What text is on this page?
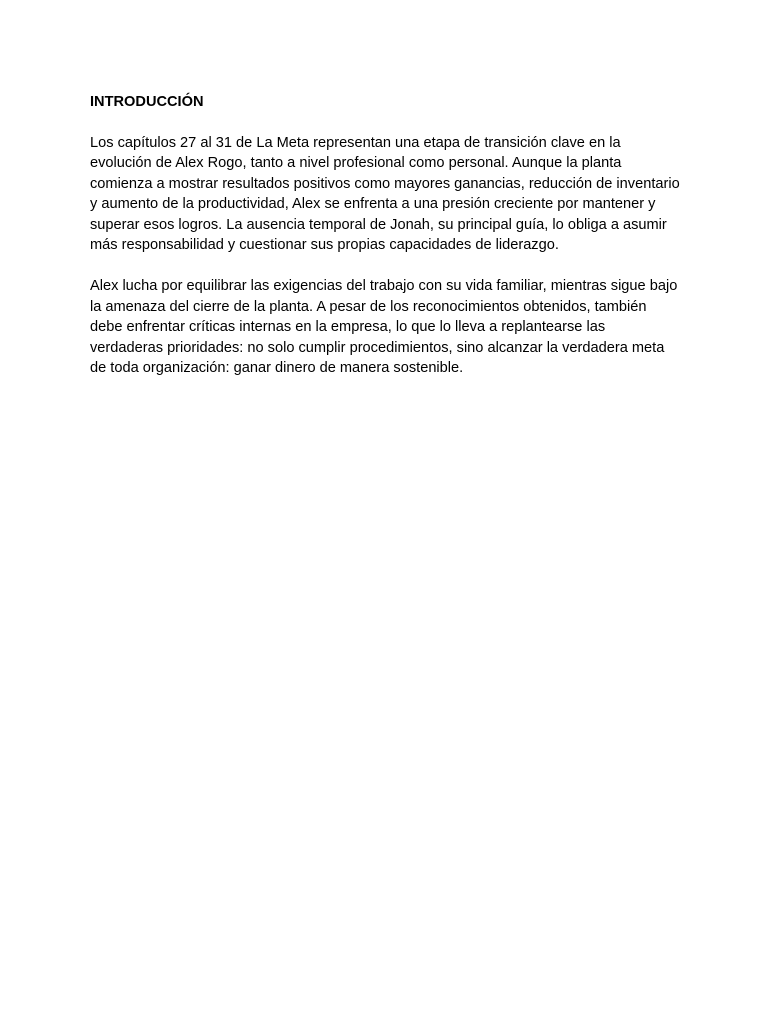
INTRODUCCIÓN

Los capítulos 27 al 31 de La Meta representan una etapa de transición clave en la evolución de Alex Rogo, tanto a nivel profesional como personal. Aunque la planta comienza a mostrar resultados positivos como mayores ganancias, reducción de inventario y aumento de la productividad, Alex se enfrenta a una presión creciente por mantener y superar esos logros. La ausencia temporal de Jonah, su principal guía, lo obliga a asumir más responsabilidad y cuestionar sus propias capacidades de liderazgo.

Alex lucha por equilibrar las exigencias del trabajo con su vida familiar, mientras sigue bajo la amenaza del cierre de la planta. A pesar de los reconocimientos obtenidos, también debe enfrentar críticas internas en la empresa, lo que lo lleva a replantearse las verdaderas prioridades: no solo cumplir procedimientos, sino alcanzar la verdadera meta de toda organización: ganar dinero de manera sostenible.
